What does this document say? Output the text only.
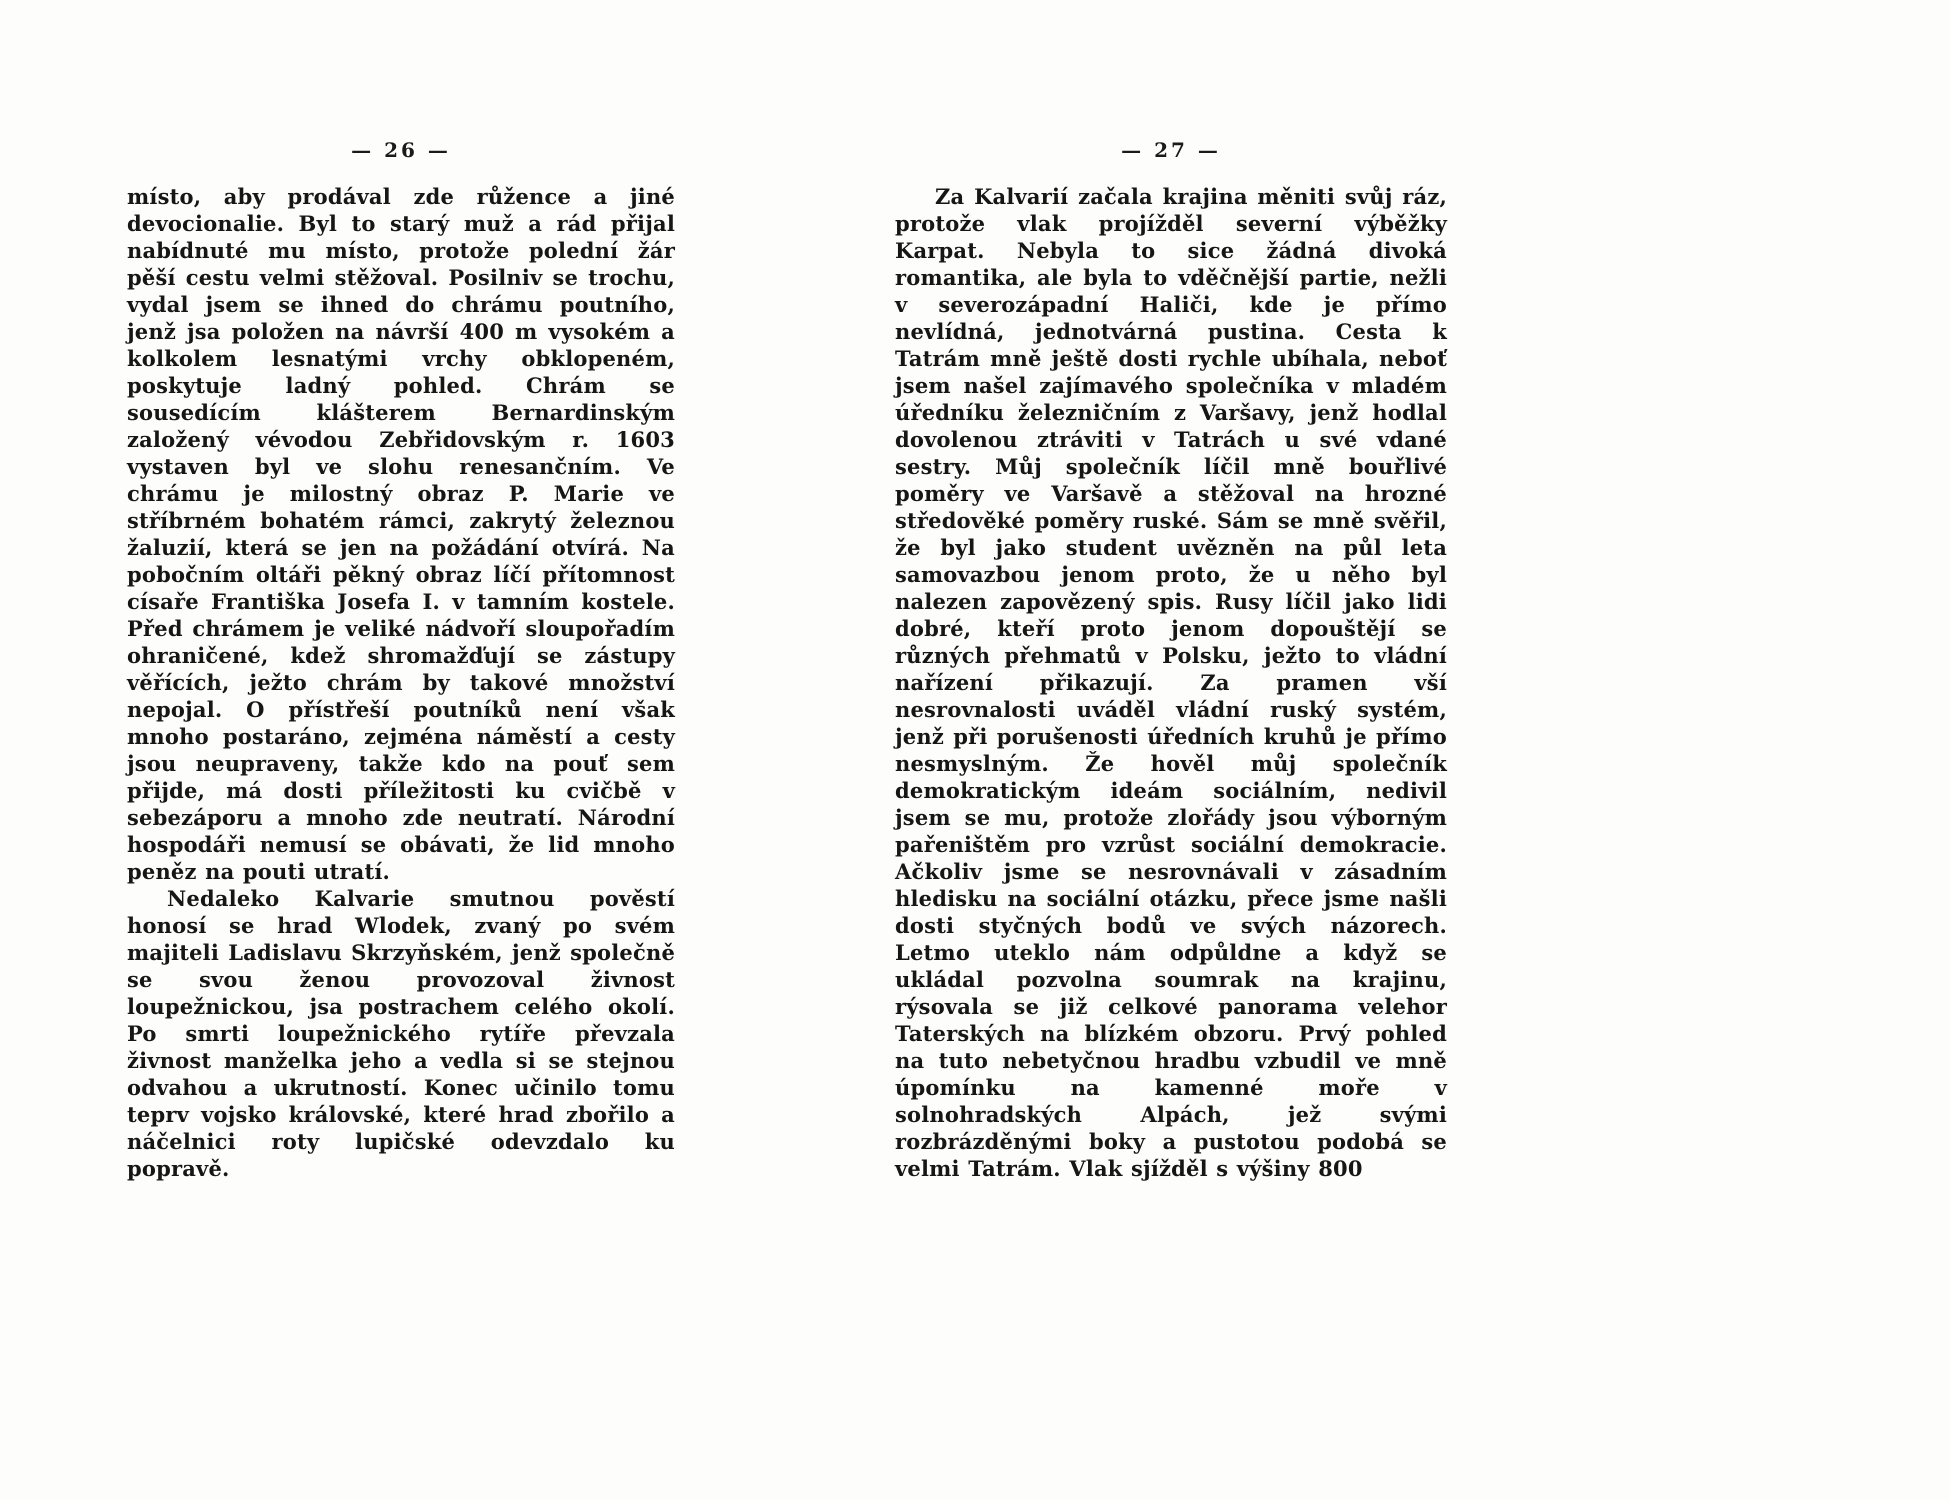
— 26 —

místo, aby prodával zde růžence a jiné devocionalie. Byl to starý muž a rád přijal nabídnuté mu místo, protože polední žár pěší cestu velmi stěžoval. Posilniv se trochu, vydal jsem se ihned do chrámu poutního, jenž jsa položen na návrší 400 m vysokém a kolkolem lesnatými vrchy obklopeném, poskytuje ladný pohled. Chrám se sousedícím klášterem Bernardinským založený vévodou Zebřidovským r. 1603 vystaven byl ve slohu renesančním. Ve chrámu je milostný obraz P. Marie ve stříbrném bohatém rámci, zakrytý železnou žaluzií, která se jen na požádání otvírá. Na pobočním oltáři pěkný obraz líčí přítomnost císaře Františka Josefa I. v tamním kostele. Před chrámem je veliké nádvoří sloupořadím ohraničené, kdež shromažďují se zástupy věřících, ježto chrám by takové množství nepojal. O přístřeší poutníků není však mnoho postaráno, zejména náměstí a cesty jsou neupraveny, takže kdo na pouť sem přijde, má dosti příležitosti ku cvičbě v sebezáporu a mnoho zde neutratí. Národní hospodáři nemusí se obávati, že lid mnoho peněz na pouti utratí.

Nedaleko Kalvarie smutnou pověstí honosí se hrad Wlodek, zvaný po svém majiteli Ladislavu Skrzyňském, jenž společně se svou ženou provozoval živnost loupežnickou, jsa postrachem celého okolí. Po smrti loupežnického rytíře převzala živnost manželka jeho a vedla si se stejnou odvahou a ukrutností. Konec učinilo tomu teprv vojsko královské, které hrad zbořilo a náčelnici roty lupičské odevzdalo ku popravě.

— 27 —

Za Kalvarií začala krajina měniti svůj ráz, protože vlak projížděl severní výběžky Karpat. Nebyla to sice žádná divoká romantika, ale byla to vděčnější partie, nežli v severozápadní Haliči, kde je přímo nevlídná, jednotvárná pustina. Cesta k Tatrám mně ještě dosti rychle ubíhala, neboť jsem našel zajímavého společníka v mladém úředníku železničním z Varšavy, jenž hodlal dovolenou ztráviti v Tatrách u své vdané sestry. Můj společník líčil mně bouřlivé poměry ve Varšavě a stěžoval na hrozné středověké poměry ruské. Sám se mně svěřil, že byl jako student uvězněn na půl leta samovazbou jenom proto, že u něho byl nalezen zapovězený spis. Rusy líčil jako lidi dobré, kteří proto jenom dopouštějí se různých přehmatů v Polsku, ježto to vládní nařízení přikazují. Za pramen vší nesrovnalosti uváděl vládní ruský systém, jenž při porušenosti úředních kruhů je přímo nesmyslným. Že hověl můj společník demokratickým ideám sociálním, nedivil jsem se mu, protože zlořády jsou výborným pařeništěm pro vzrůst sociální demokracie. Ačkoliv jsme se nesrovnávali v zásadním hledisku na sociální otázku, přece jsme našli dosti styčných bodů ve svých názorech. Letmo uteklo nám odpůldne a když se ukládal pozvolna soumrak na krajinu, rýsovala se již celkové panorama velehor Taterských na blízkém obzoru. Prvý pohled na tuto nebetyčnou hradbu vzbudil ve mně úpomínku na kamenné moře v solnohradských Alpách, jež svými rozbrázděnými boky a pustotou podobá se velmi Tatrám. Vlak sjížděl s výšiny 800
